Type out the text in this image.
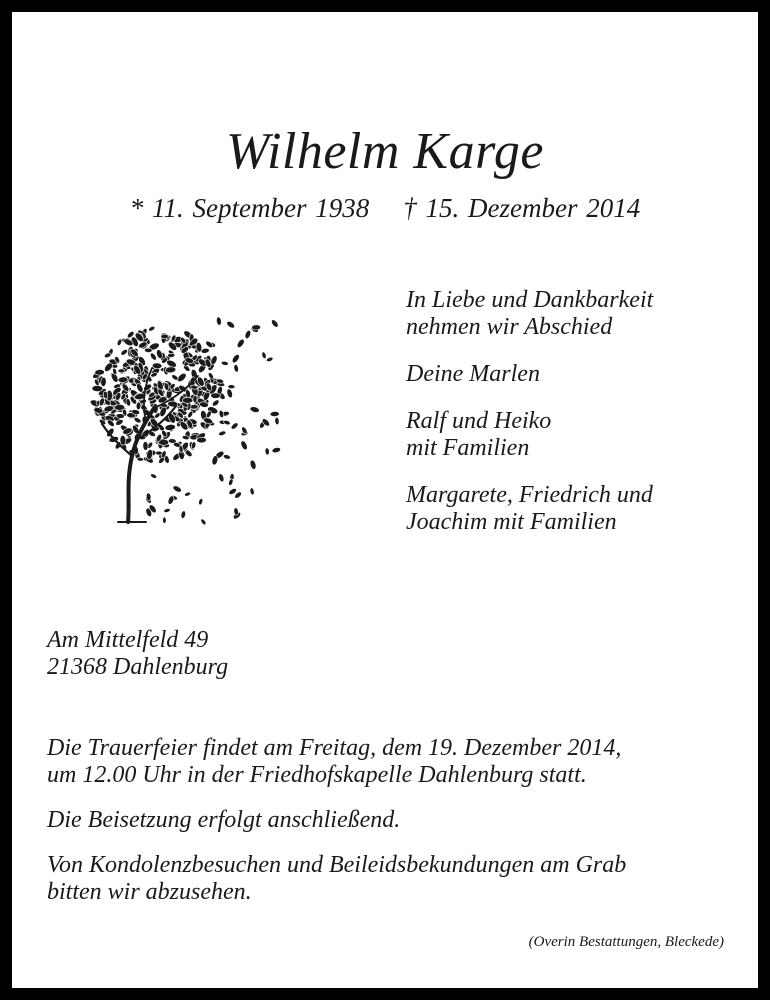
Wilhelm Karge
* 11. September 1938 † 15. Dezember 2014

In Liebe und Dankbarkeit
nehmen wir Abschied

Deine Marlen

Ralf und Heiko
mit Familien

Margarete, Friedrich und
Joachim mit Familien

Am Mittelfeld 49
21368 Dahlenburg

Die Trauerfeier findet am Freitag, dem 19. Dezember 2014,
um 12.00 Uhr in der Friedhofskapelle Dahlenburg statt.

Die Beisetzung erfolgt anschließend.

Von Kondolenzbesuchen und Beileidsbekundungen am Grab
bitten wir abzusehen.

(Overin Bestattungen, Bleckede)
